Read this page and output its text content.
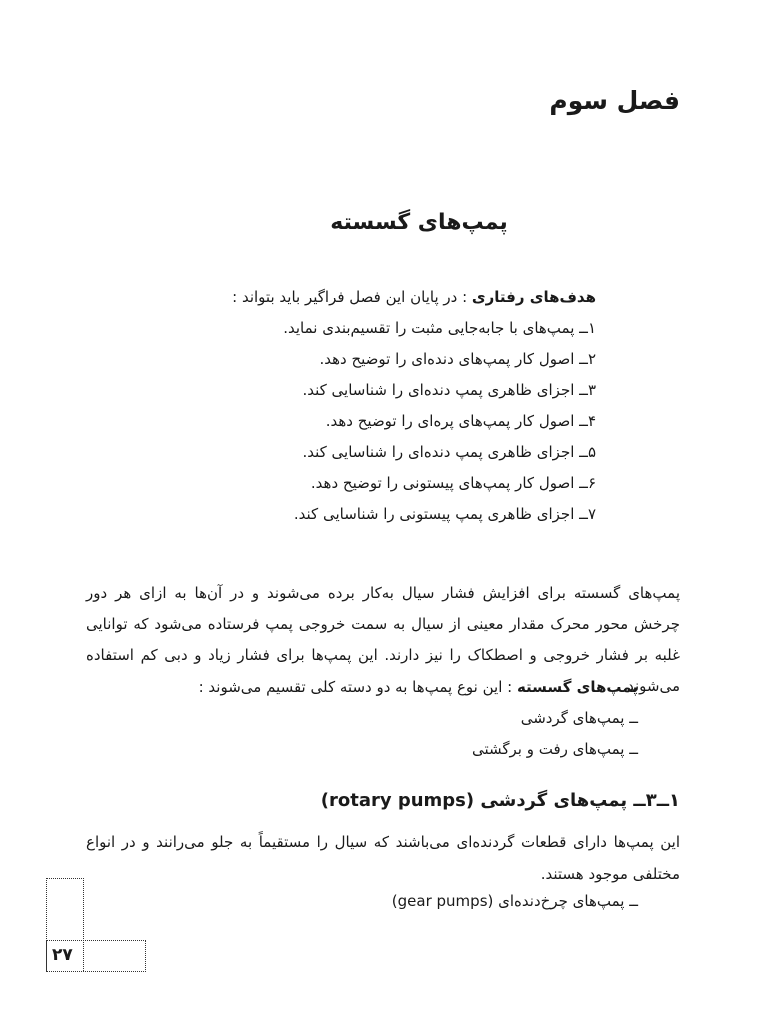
فصل سوم
پمپ‌های گسسته
هدف‌های رفتاری : در پایان این فصل فراگیر باید بتواند :
۱ــ پمپ‌های با جابه‌جایی مثبت را تقسیم‌بندی نماید.
۲ــ اصول کار پمپ‌های دنده‌ای را توضیح دهد.
۳ــ اجزای ظاهری پمپ دنده‌ای را شناسایی کند.
۴ــ اصول کار پمپ‌های پره‌ای را توضیح دهد.
۵ــ اجزای ظاهری پمپ دنده‌ای را شناسایی کند.
۶ــ اصول کار پمپ‌های پیستونی را توضیح دهد.
۷ــ اجزای ظاهری پمپ پیستونی را شناسایی کند.

پمپ‌های گسسته برای افزایش فشار سیال به‌کار برده می‌شوند و در آن‌ها به ازای هر دور چرخش محور محرک مقدار معینی از سیال به سمت خروجی پمپ فرستاده می‌شود که توانایی غلبه بر فشار خروجی و اصطکاک را نیز دارند. این پمپ‌ها برای فشار زیاد و دبی کم استفاده می‌شوند.

پمپ‌های گسسته : این نوع پمپ‌ها به دو دسته کلی تقسیم می‌شوند :
ــ پمپ‌های گردشی
ــ پمپ‌های رفت و برگشتی
۱ــ۳ــ پمپ‌های گردشی (rotary pumps)

این پمپ‌ها دارای قطعات گردنده‌ای می‌باشند که سیال را مستقیماً به جلو می‌رانند و در انواع مختلفی موجود هستند.

ــ پمپ‌های چرخ‌دنده‌ای (gear pumps)
۲۷
